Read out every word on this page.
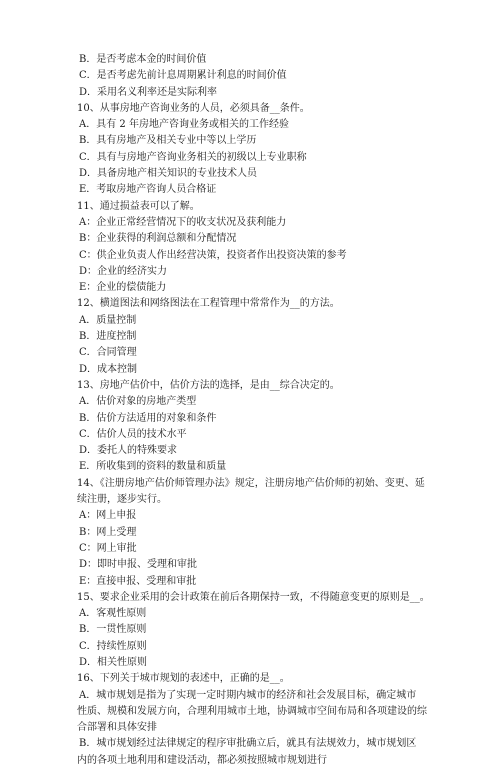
B．是否考虑本金的时间价值
C．是否考虑先前计息周期累计利息的时间价值
D．采用名义利率还是实际利率
10、从事房地产咨询业务的人员，必须具备__条件。
A．具有 2 年房地产咨询业务或相关的工作经验
B．具有房地产及相关专业中等以上学历
C．具有与房地产咨询业务相关的初级以上专业职称
D．具备房地产相关知识的专业技术人员
E．考取房地产咨询人员合格证
11、通过损益表可以了解。
A：企业正常经营情况下的收支状况及获利能力
B：企业获得的利润总额和分配情况
C：供企业负责人作出经营决策，投资者作出投资决策的参考
D：企业的经济实力
E：企业的偿债能力
12、横道图法和网络图法在工程管理中常常作为__的方法。
A．质量控制
B．进度控制
C．合同管理
D．成本控制
13、房地产估价中，估价方法的选择，是由__综合决定的。
A．估价对象的房地产类型
B．估价方法适用的对象和条件
C．估价人员的技术水平
D．委托人的特殊要求
E．所收集到的资料的数量和质量
14、《注册房地产估价师管理办法》规定，注册房地产估价师的初始、变更、延
续注册，逐步实行。
A：网上申报
B：网上受理
C：网上审批
D：即时申报、受理和审批
E：直接申报、受理和审批
15、要求企业采用的会计政策在前后各期保持一致，不得随意变更的原则是__。
A．客观性原则
B．一贯性原则
C．持续性原则
D．相关性原则
16、下列关于城市规划的表述中，正确的是__。
A．城市规划是指为了实现一定时期内城市的经济和社会发展目标，确定城市
性质、规模和发展方向，合理利用城市土地，协调城市空间布局和各项建设的综
合部署和具体安排
B．城市规划经过法律规定的程序审批确立后，就具有法规效力，城市规划区
内的各项土地利用和建设活动，都必须按照城市规划进行
